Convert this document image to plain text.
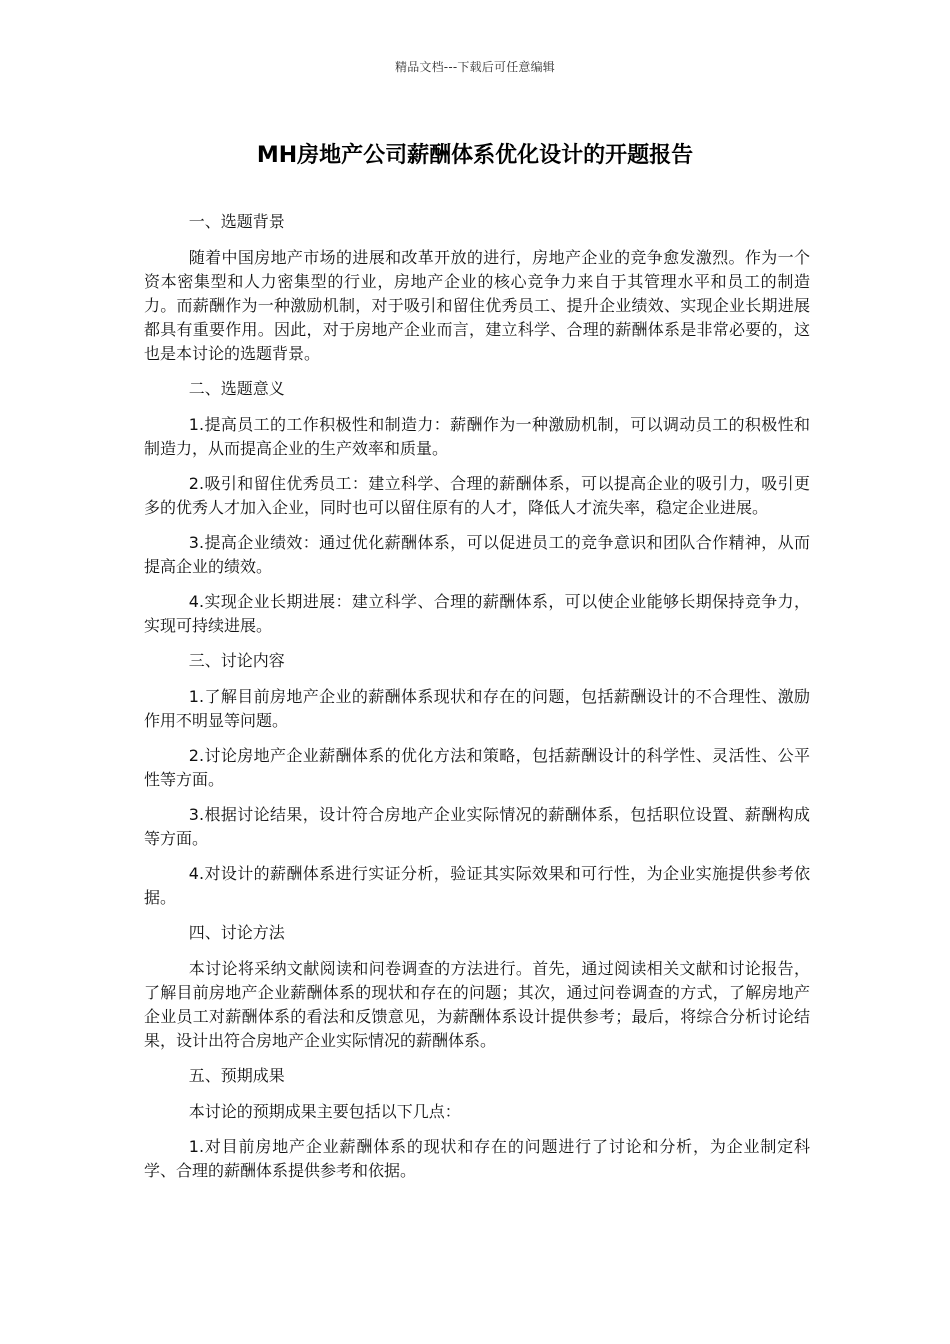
精品文档---下载后可任意编辑
MH房地产公司薪酬体系优化设计的开题报告

一、选题背景

随着中国房地产市场的进展和改革开放的进行，房地产企业的竞争愈发激烈。作为一个资本密集型和人力密集型的行业，房地产企业的核心竞争力来自于其管理水平和员工的制造力。而薪酬作为一种激励机制，对于吸引和留住优秀员工、提升企业绩效、实现企业长期进展都具有重要作用。因此，对于房地产企业而言，建立科学、合理的薪酬体系是非常必要的，这也是本讨论的选题背景。

二、选题意义

1.提高员工的工作积极性和制造力：薪酬作为一种激励机制，可以调动员工的积极性和制造力，从而提高企业的生产效率和质量。

2.吸引和留住优秀员工：建立科学、合理的薪酬体系，可以提高企业的吸引力，吸引更多的优秀人才加入企业，同时也可以留住原有的人才，降低人才流失率，稳定企业进展。

3.提高企业绩效：通过优化薪酬体系，可以促进员工的竞争意识和团队合作精神，从而提高企业的绩效。

4.实现企业长期进展：建立科学、合理的薪酬体系，可以使企业能够长期保持竞争力，实现可持续进展。

三、讨论内容

1.了解目前房地产企业的薪酬体系现状和存在的问题，包括薪酬设计的不合理性、激励作用不明显等问题。

2.讨论房地产企业薪酬体系的优化方法和策略，包括薪酬设计的科学性、灵活性、公平性等方面。

3.根据讨论结果，设计符合房地产企业实际情况的薪酬体系，包括职位设置、薪酬构成等方面。

4.对设计的薪酬体系进行实证分析，验证其实际效果和可行性，为企业实施提供参考依据。

四、讨论方法

本讨论将采纳文献阅读和问卷调查的方法进行。首先，通过阅读相关文献和讨论报告，了解目前房地产企业薪酬体系的现状和存在的问题；其次，通过问卷调查的方式，了解房地产企业员工对薪酬体系的看法和反馈意见，为薪酬体系设计提供参考；最后，将综合分析讨论结果，设计出符合房地产企业实际情况的薪酬体系。

五、预期成果

本讨论的预期成果主要包括以下几点：

1.对目前房地产企业薪酬体系的现状和存在的问题进行了讨论和分析，为企业制定科学、合理的薪酬体系提供参考和依据。
